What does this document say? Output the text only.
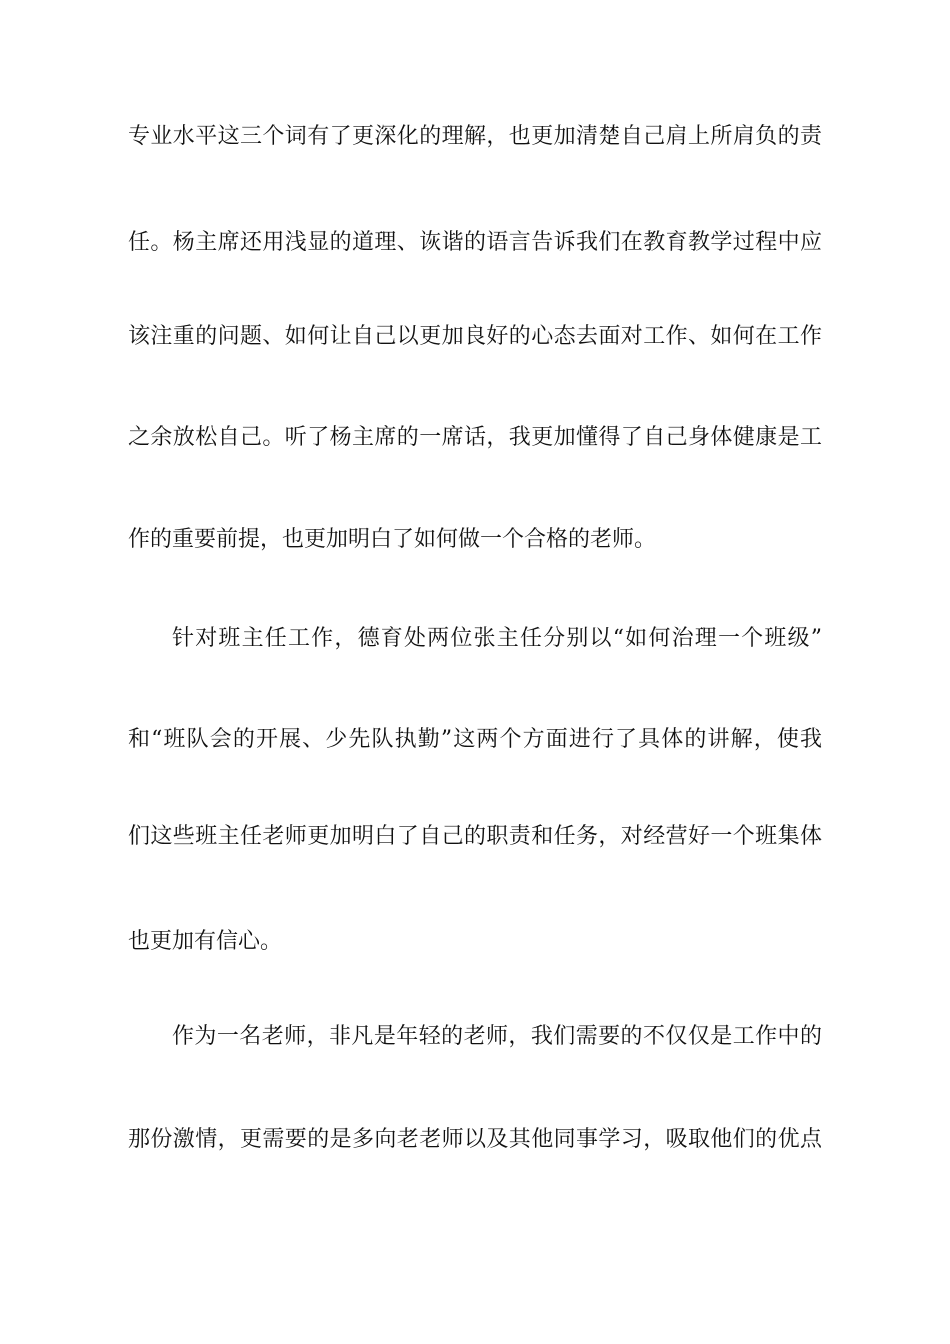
专业水平这三个词有了更深化的理解，也更加清楚自己肩上所肩负的责
任。杨主席还用浅显的道理、诙谐的语言告诉我们在教育教学过程中应
该注重的问题、如何让自己以更加良好的心态去面对工作、如何在工作
之余放松自己。听了杨主席的一席话，我更加懂得了自己身体健康是工
作的重要前提，也更加明白了如何做一个合格的老师。
针对班主任工作，德育处两位张主任分别以“如何治理一个班级”
和“班队会的开展、少先队执勤”这两个方面进行了具体的讲解，使我
们这些班主任老师更加明白了自己的职责和任务，对经营好一个班集体
也更加有信心。
作为一名老师，非凡是年轻的老师，我们需要的不仅仅是工作中的
那份激情，更需要的是多向老老师以及其他同事学习，吸取他们的优点
